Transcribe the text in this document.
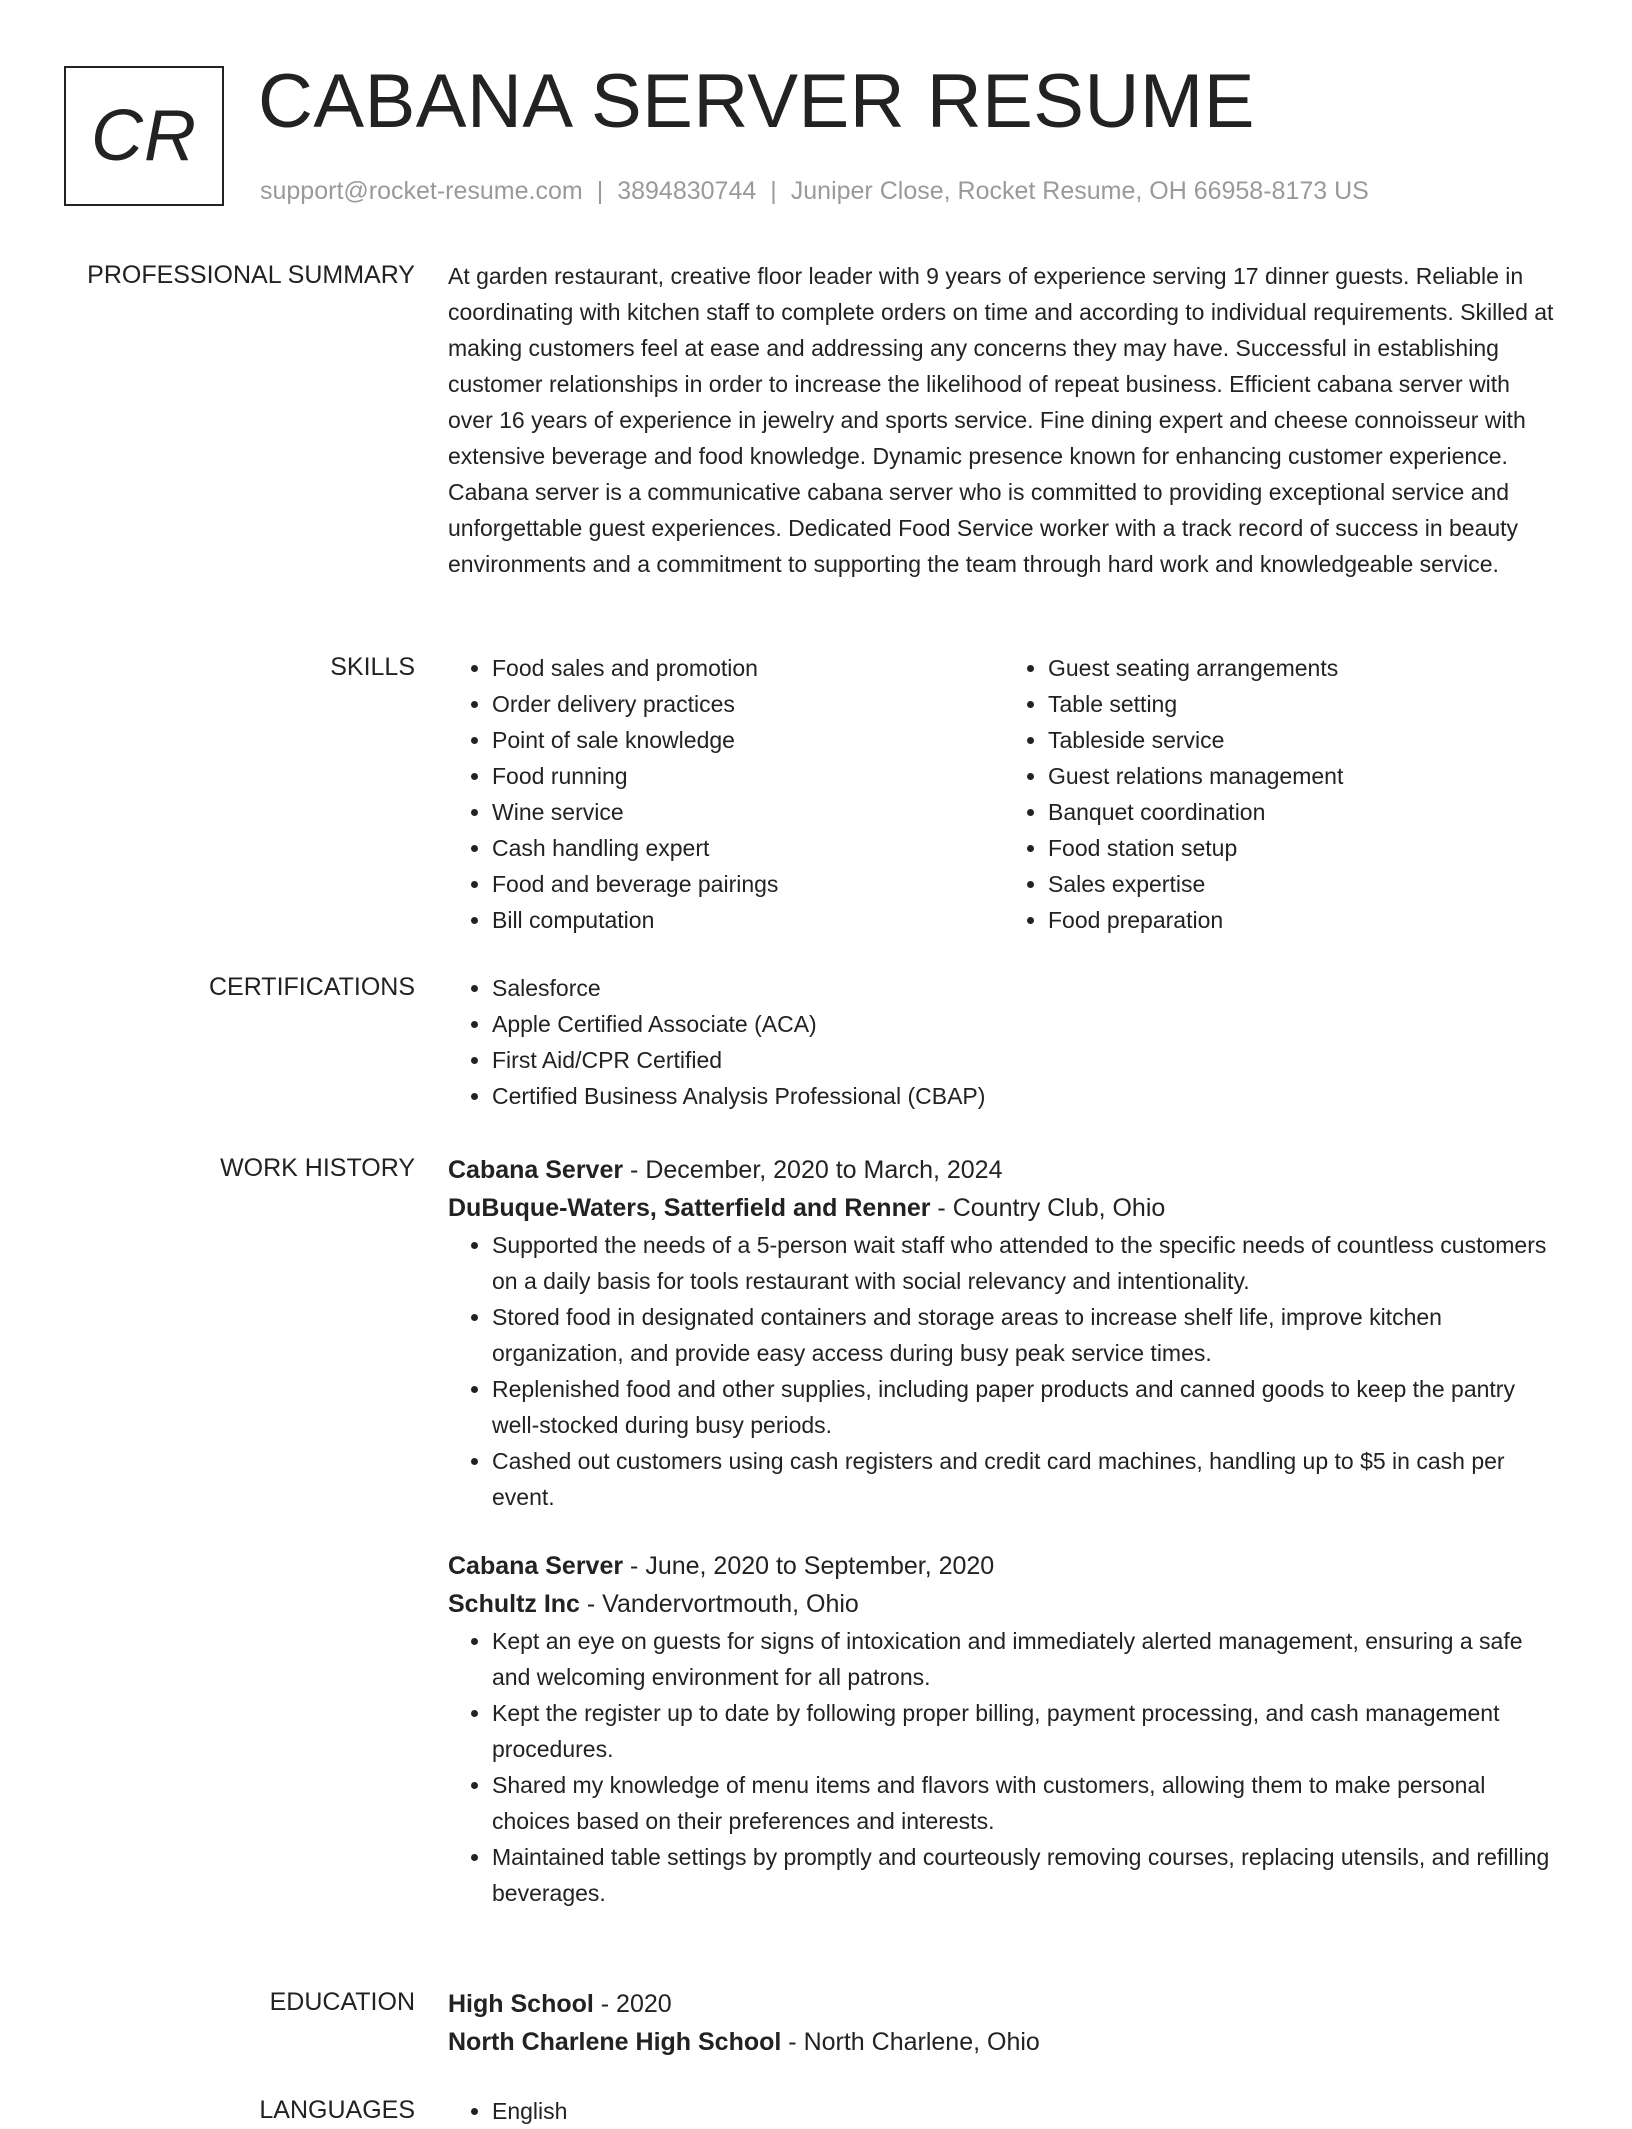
CR CABANA SERVER RESUME
support@rocket-resume.com | 3894830744 | Juniper Close, Rocket Resume, OH 66958-8173 US
PROFESSIONAL SUMMARY At garden restaurant, creative floor leader with 9 years of experience serving 17 dinner guests. Reliable in coordinating with kitchen staff to complete orders on time and according to individual requirements. Skilled at making customers feel at ease and addressing any concerns they may have. Successful in establishing customer relationships in order to increase the likelihood of repeat business. Efficient cabana server with over 16 years of experience in jewelry and sports service. Fine dining expert and cheese connoisseur with extensive beverage and food knowledge. Dynamic presence known for enhancing customer experience. Cabana server is a communicative cabana server who is committed to providing exceptional service and unforgettable guest experiences. Dedicated Food Service worker with a track record of success in beauty environments and a commitment to supporting the team through hard work and knowledgeable service.

SKILLS	• Food sales and promotion
• Order delivery practices
• Point of sale knowledge
• Food running
• Wine service
• Cash handling expert
• Food and beverage pairings
• Bill computation
• Guest seating arrangements
• Table setting
• Tableside service
• Guest relations management
• Banquet coordination
• Food station setup
• Sales expertise
• Food preparation
CERTIFICATIONS	• Salesforce
• Apple Certified Associate (ACA)
• First Aid/CPR Certified
• Certified Business Analysis Professional (CBAP)
WORK HISTORY Cabana Server - December, 2020 to March, 2024
DuBuque-Waters, Satterfield and Renner - Country Club, Ohio
• Supported the needs of a 5-person wait staff who attended to the specific needs of countless customers on a daily basis for tools restaurant with social relevancy and intentionality.
• Stored food in designated containers and storage areas to increase shelf life, improve kitchen organization, and provide easy access during busy peak service times.
• Replenished food and other supplies, including paper products and canned goods to keep the pantry well-stocked during busy periods.
• Cashed out customers using cash registers and credit card machines, handling up to $5 in cash per event.
Cabana Server - June, 2020 to September, 2020
Schultz Inc - Vandervortmouth, Ohio
• Kept an eye on guests for signs of intoxication and immediately alerted management, ensuring a safe and welcoming environment for all patrons.
• Kept the register up to date by following proper billing, payment processing, and cash management procedures.
• Shared my knowledge of menu items and flavors with customers, allowing them to make personal choices based on their preferences and interests.
• Maintained table settings by promptly and courteously removing courses, replacing utensils, and refilling beverages.
EDUCATION High School - 2020
North Charlene High School - North Charlene, Ohio
LANGUAGES	• English
